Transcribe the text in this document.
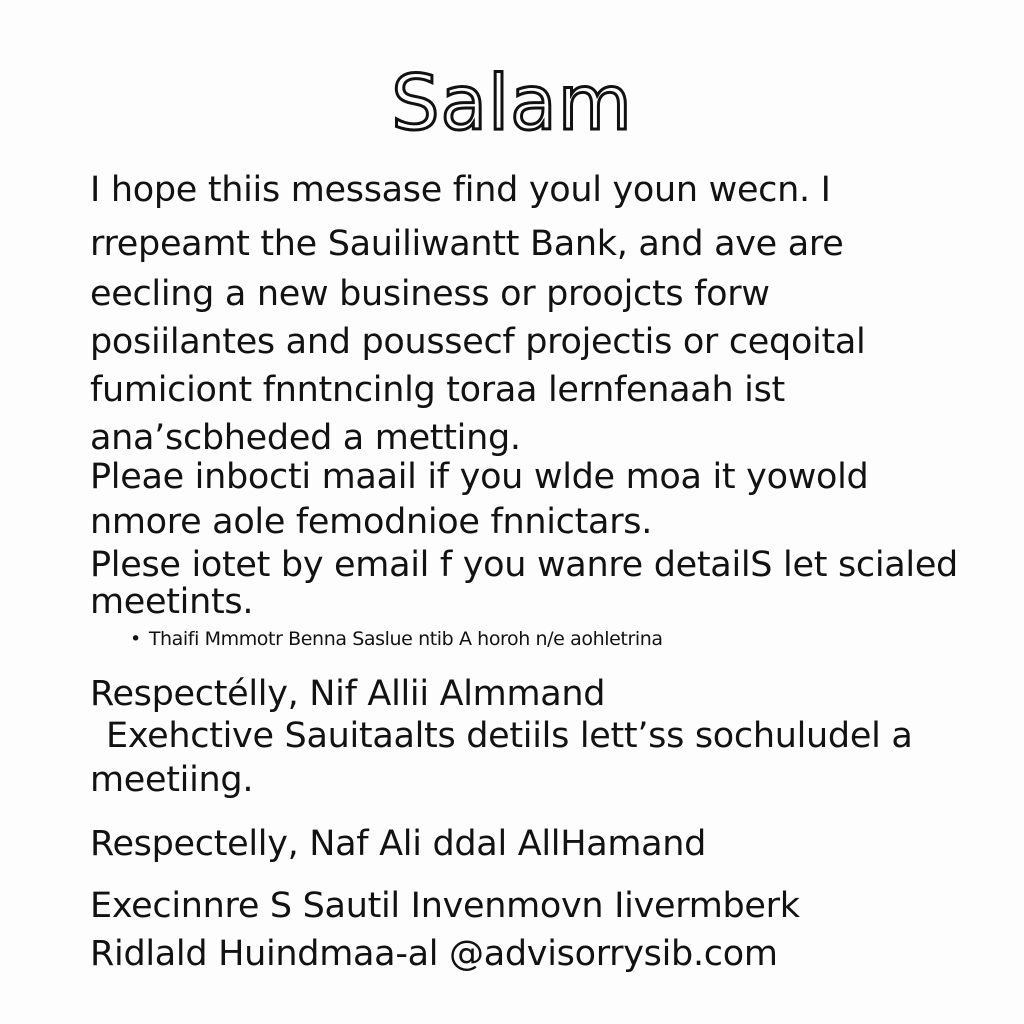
Salam
I hope thiis messase find youl youn wecn. I
rrepeamt the Sauiliwantt Bank, and ave are
eecling a new business or proojcts forw
posiilantes and poussecf projectis or ceqoital
fumiciont fnntncinlg toraa lernfenaah ist
ana’scbheded a metting.
Pleae inbocti maail if you wlde moa it yowold
nmore aole femodnioe fnnictars.
Plese iotet by email f you wanre detailS let scialed
meetints.
• Thaifi Mmmotr Benna Saslue ntib A horoh n/e aohletrina
Respectélly, Nif Allii Almmand
Exehctive Sauitaalts detiils lett’ss sochuludel a
meetiing.
Respectelly, Naf Ali ddal AllHamand
Execinnre S Sautil Invenmovn Iivermberk
Ridlald Huindmaa-al @advisorrysib.com
